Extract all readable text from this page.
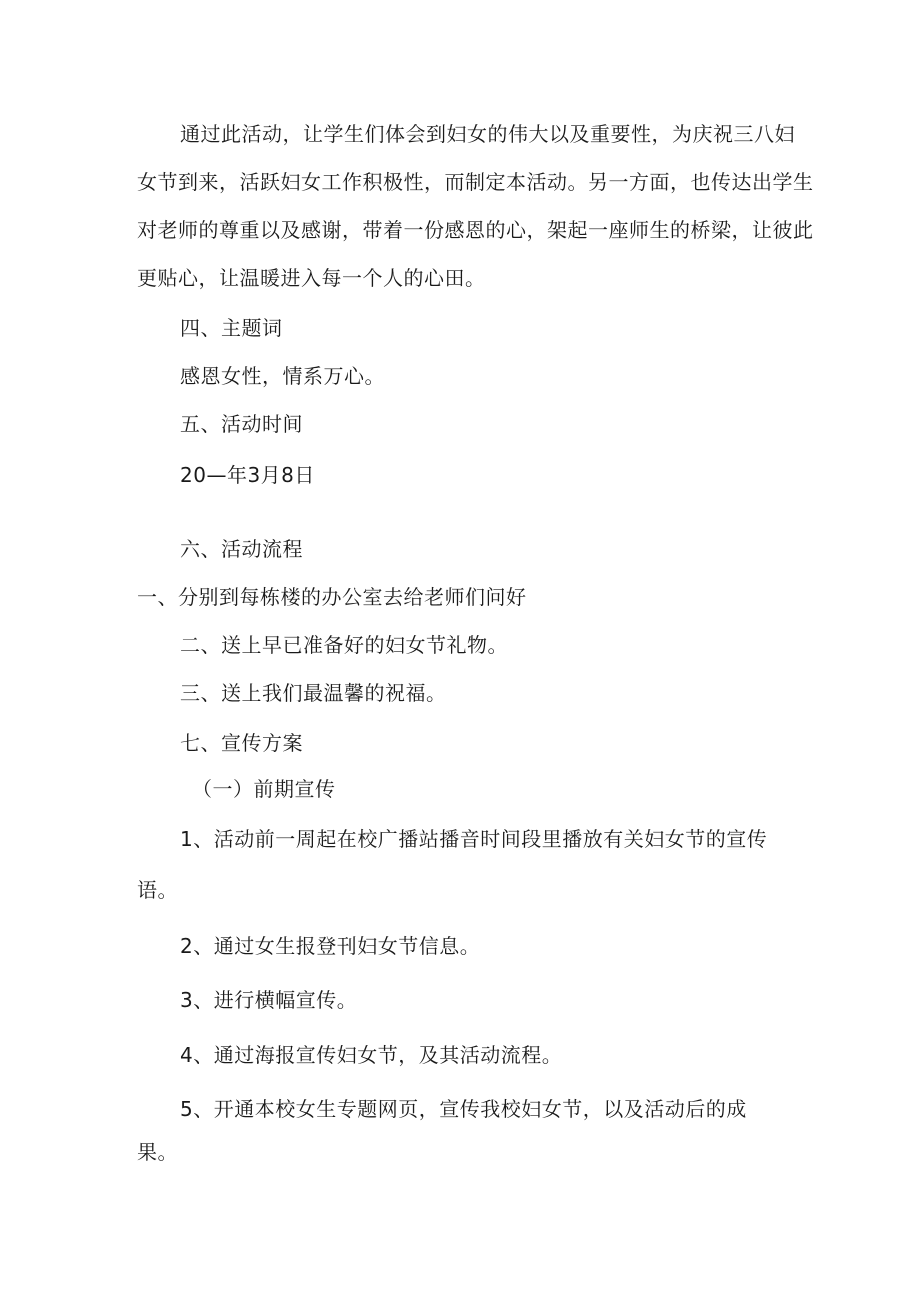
通过此活动，让学生们体会到妇女的伟大以及重要性，为庆祝三八妇
女节到来，活跃妇女工作积极性，而制定本活动。另一方面，也传达出学生
对老师的尊重以及感谢，带着一份感恩的心，架起一座师生的桥梁，让彼此
更贴心，让温暖进入每一个人的心田。
四、主题词
感恩女性，情系万心。
五、活动时间
20—年3月8日
六、活动流程
一、分别到每栋楼的办公室去给老师们问好
二、送上早已准备好的妇女节礼物。
三、送上我们最温馨的祝福。
七、宣传方案
（一）前期宣传
1、活动前一周起在校广播站播音时间段里播放有关妇女节的宣传
语。
2、通过女生报登刊妇女节信息。
3、进行横幅宣传。
4、通过海报宣传妇女节，及其活动流程。
5、开通本校女生专题网页，宣传我校妇女节，以及活动后的成
果。
